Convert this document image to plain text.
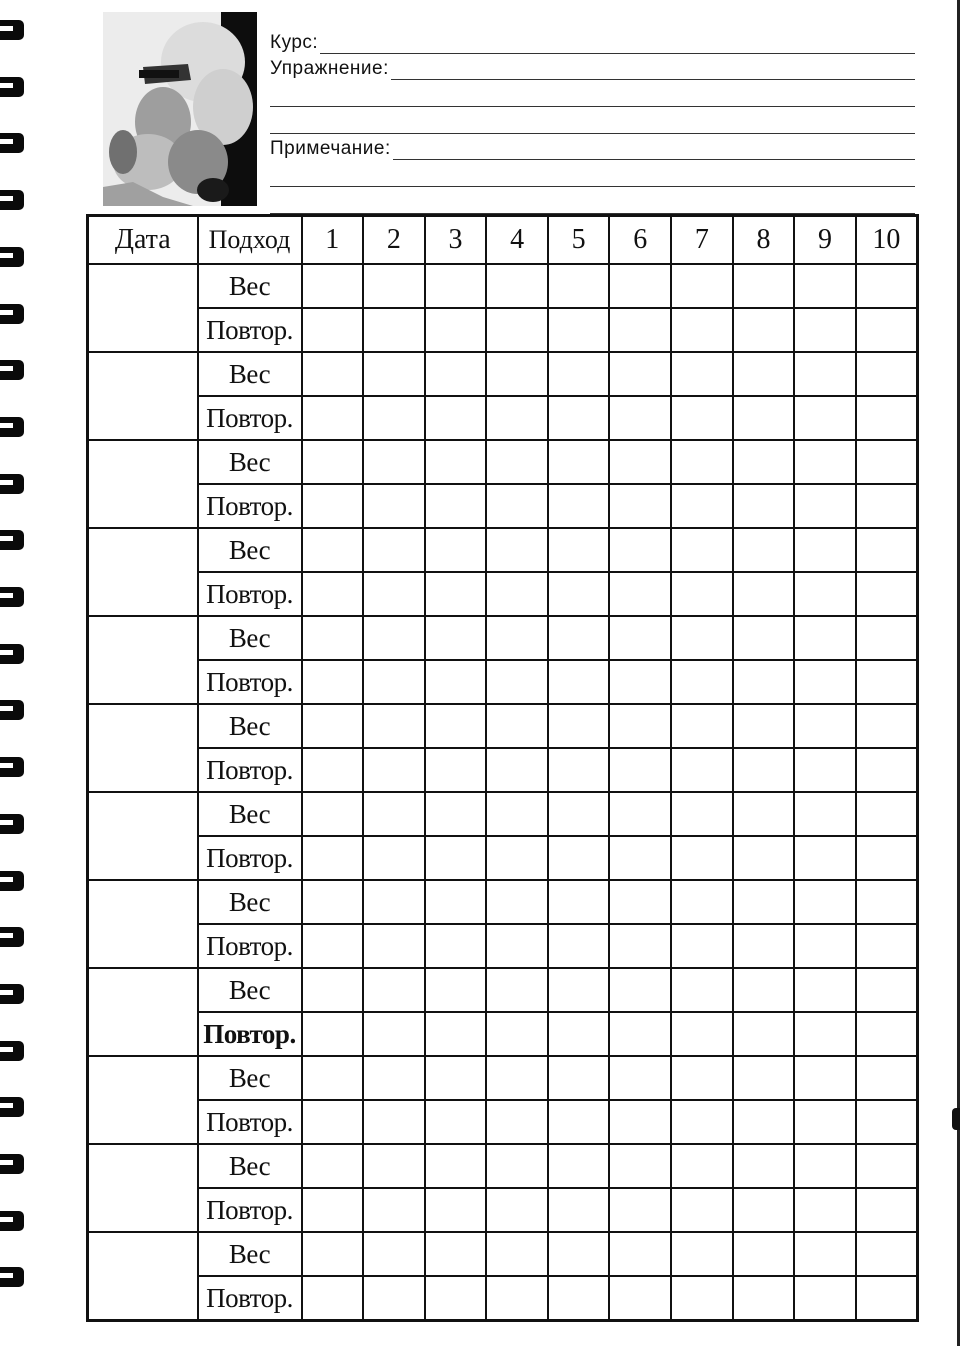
Курс:
Упражнение:
Примечание:
Дата	Подход	1	2	3	4	5	6	7	8	9	10
	Вес										
	Повтор.										
	Вес										
	Повтор.										
	Вес										
	Повтор.										
	Вес										
	Повтор.										
	Вес										
	Повтор.										
	Вес										
	Повтор.										
	Вес										
	Повтор.										
	Вес										
	Повтор.										
	Вес										
	Повтор.										
	Вес										
	Повтор.										
	Вес										
	Повтор.										
	Вес										
	Повтор.										
